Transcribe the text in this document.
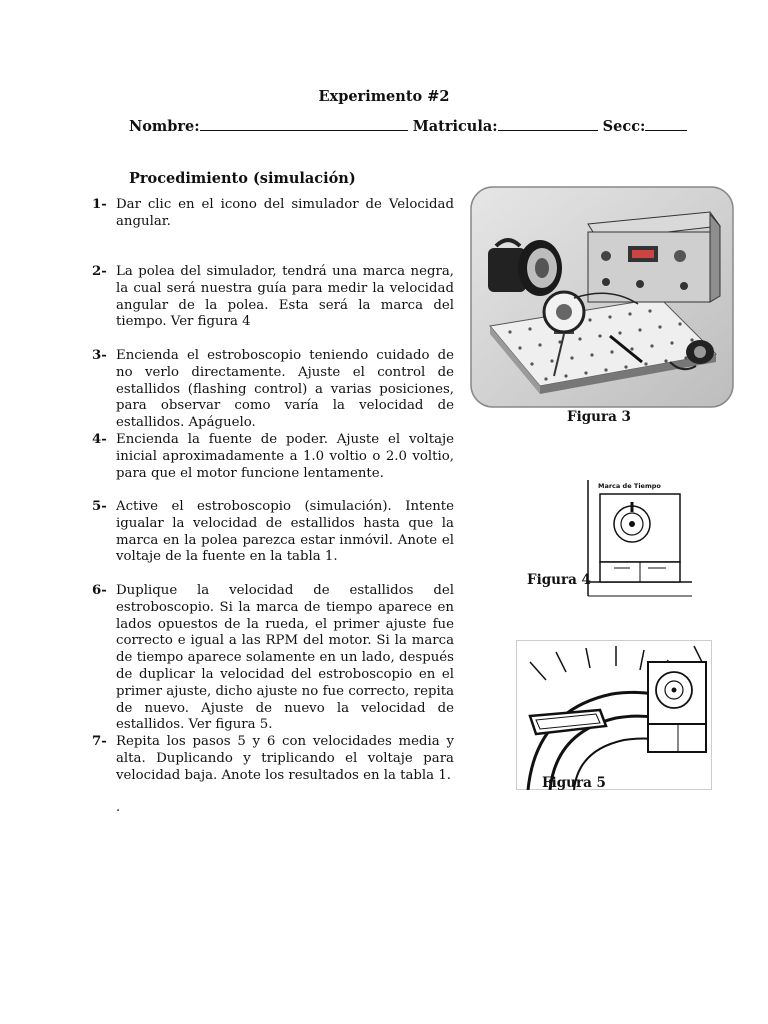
Experimento #2
Nombre:	Matricula:	Secc:
Procedimiento (simulación)
1- Dar clic en el icono del simulador de Velocidad angular.
2- La polea del simulador, tendrá una marca negra, la cual será nuestra guía para medir la velocidad angular de la polea. Esta será la marca del tiempo. Ver figura 4
3- Encienda el estroboscopio teniendo cuidado de no verlo directamente. Ajuste el control de estallidos (flashing control) a varias posiciones, para observar como varía la velocidad de estallidos. Apáguelo.
4- Encienda la fuente de poder. Ajuste el voltaje inicial aproximadamente a 1.0 voltio o 2.0 voltio, para que el motor funcione lentamente.
5- Active el estroboscopio (simulación). Intente igualar la velocidad de estallidos hasta que la marca en la polea parezca estar inmóvil. Anote el voltaje de la fuente en la tabla 1.
6- Duplique la velocidad de estallidos del estroboscopio. Si la marca de tiempo aparece en lados opuestos de la rueda, el primer ajuste fue correcto e igual a las RPM del motor. Si la marca de tiempo aparece solamente en un lado, después de duplicar la velocidad del estroboscopio en el primer ajuste, dicho ajuste no fue correcto, repita de nuevo. Ajuste de nuevo la velocidad de estallidos. Ver figura 5.
7- Repita los pasos 5 y 6 con velocidades media y alta. Duplicando y triplicando el voltaje para velocidad baja. Anote los resultados en la tabla 1.
.
Figura 3
Marca de Tiempo
Figura 4
Figura 5
